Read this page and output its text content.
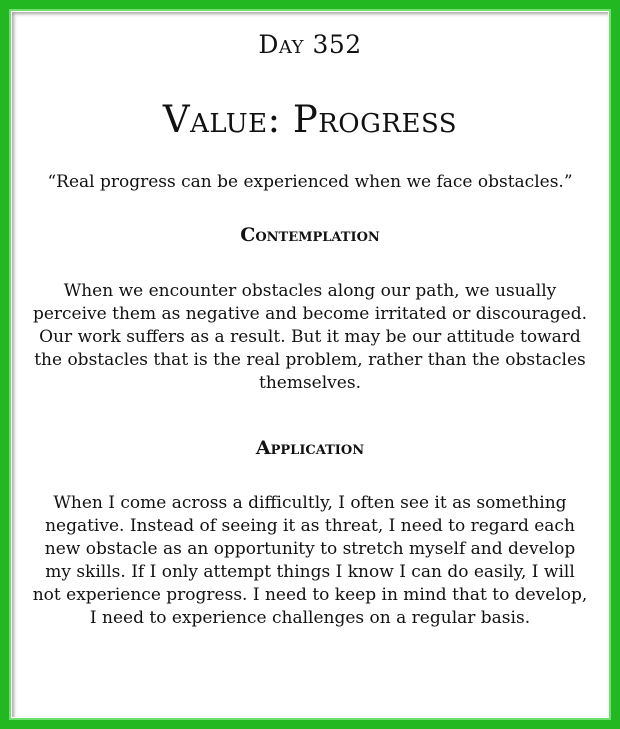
Day 352
Value: Progress
“Real progress can be experienced when we face obstacles.”
Contemplation
When we encounter obstacles along our path, we usually
perceive them as negative and become irritated or discouraged.
Our work suffers as a result. But it may be our attitude toward
the obstacles that is the real problem, rather than the obstacles
themselves.
Application
When I come across a difficultly, I often see it as something
negative. Instead of seeing it as threat, I need to regard each
new obstacle as an opportunity to stretch myself and develop
my skills. If I only attempt things I know I can do easily, I will
not experience progress. I need to keep in mind that to develop,
I need to experience challenges on a regular basis.
